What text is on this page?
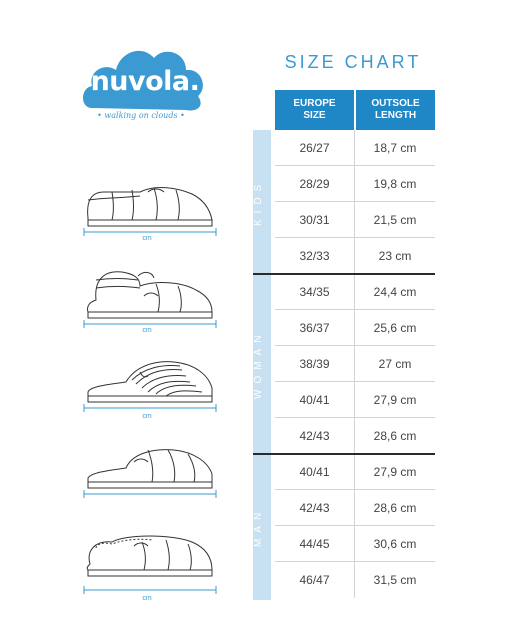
nuvola.
• walking on clouds •
SIZE CHART
EUROPE
SIZE
OUTSOLE
LENGTH
KIDS
WOMAN
MAN
26/27	18,7 cm
28/29	19,8 cm
30/31	21,5 cm
32/33	23 cm
34/35	24,4 cm
36/37	25,6 cm
38/39	27 cm
40/41	27,9 cm
42/43	28,6 cm
40/41	27,9 cm
42/43	28,6 cm
44/45	30,6 cm
46/47	31,5 cm
cm
cm
cm
cm
